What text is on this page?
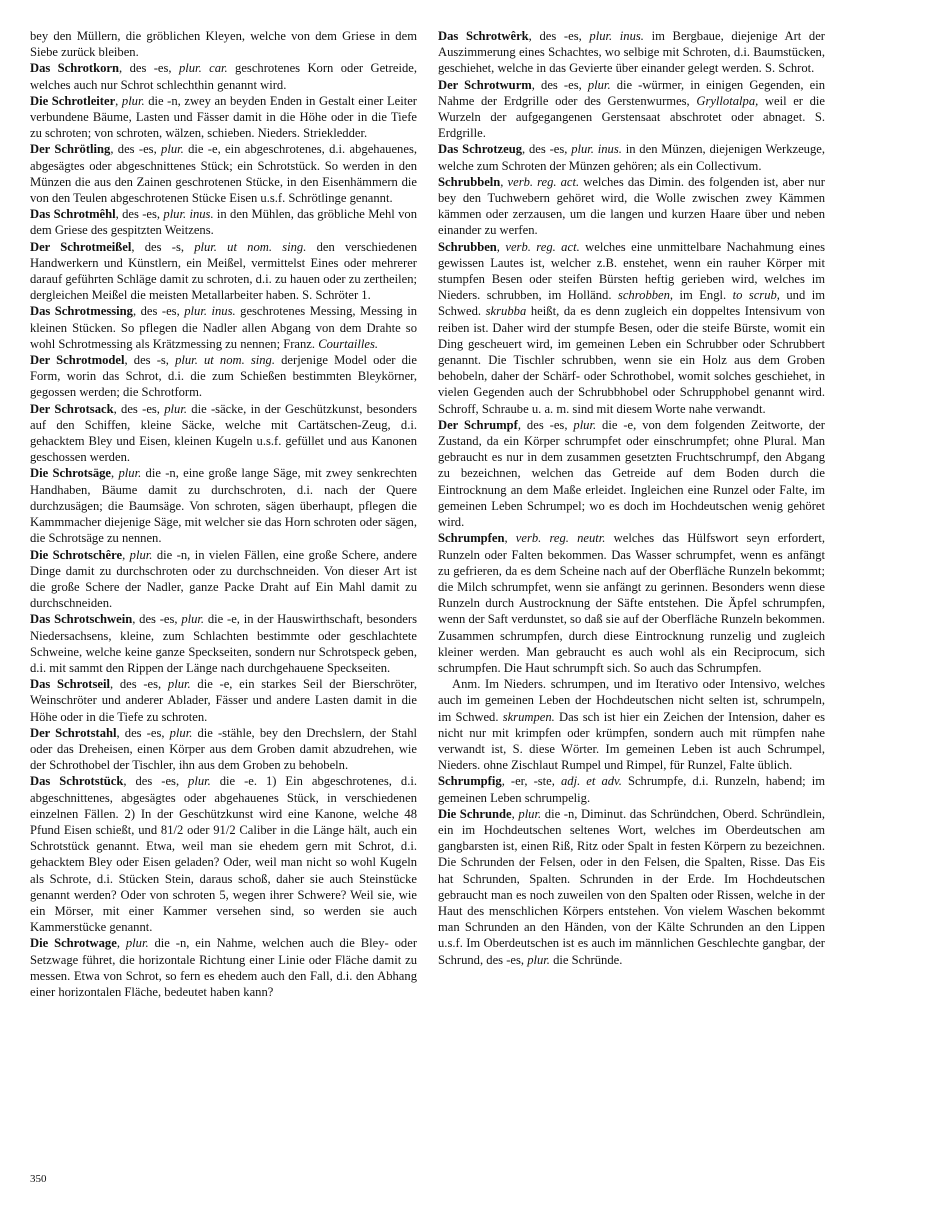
bey den Müllern, die gröblichen Kleyen, welche von dem Griese in dem Siebe zurück bleiben.

Das Schrotkorn, des -es, plur. car. geschrotenes Korn oder Getreide, welches auch nur Schrot schlechthin genannt wird.

Die Schrotleiter, plur. die -n, zwey an beyden Enden in Gestalt einer Leiter verbundene Bäume, Lasten und Fässer damit in die Höhe oder in die Tiefe zu schroten; von schroten, wälzen, schieben. Nieders. Striekledder.

Der Schrötling, des -es, plur. die -e, ein abgeschrotenes, d.i. abgehauenes, abgesägtes oder abgeschnittenes Stück; ein Schrotstück. So werden in den Münzen die aus den Zainen geschrotenen Stücke, in den Eisenhämmern die von den Teulen abgeschrotenen Stücke Eisen u.s.f. Schrötlinge genannt.

Das Schrotmêhl, des -es, plur. inus. in den Mühlen, das gröbliche Mehl von dem Griese des gespitzten Weitzens.

Der Schrotmeißel, des -s, plur. ut nom. sing. den verschiedenen Handwerkern und Künstlern, ein Meißel, vermittelst Eines oder mehrerer darauf geführten Schläge damit zu schroten, d.i. zu hauen oder zu zertheilen; dergleichen Meißel die meisten Metallarbeiter haben. S. Schröter 1.

Das Schrotmessing, des -es, plur. inus. geschrotenes Messing, Messing in kleinen Stücken. So pflegen die Nadler allen Abgang von dem Drahte so wohl Schrotmessing als Krätzmessing zu nennen; Franz. Courtailles.

Der Schrotmodel, des -s, plur. ut nom. sing. derjenige Model oder die Form, worin das Schrot, d.i. die zum Schießen bestimmten Bleykörner, gegossen werden; die Schrotform.

Der Schrotsack, des -es, plur. die -säcke, in der Geschützkunst, besonders auf den Schiffen, kleine Säcke, welche mit Cartätschen-Zeug, d.i. gehacktem Bley und Eisen, kleinen Kugeln u.s.f. gefüllet und aus Kanonen geschossen werden.

Die Schrotsäge, plur. die -n, eine große lange Säge, mit zwey senkrechten Handhaben, Bäume damit zu durchschroten, d.i. nach der Quere durchzusägen; die Baumsäge. Von schroten, sägen überhaupt, pflegen die Kammmacher diejenige Säge, mit welcher sie das Horn schroten oder sägen, die Schrotsäge zu nennen.

Die Schrotschêre, plur. die -n, in vielen Fällen, eine große Schere, andere Dinge damit zu durchschroten oder zu durchschneiden. Von dieser Art ist die große Schere der Nadler, ganze Packe Draht auf Ein Mahl damit zu durchschneiden.

Das Schrotschwein, des -es, plur. die -e, in der Hauswirthschaft, besonders Niedersachsens, kleine, zum Schlachten bestimmte oder geschlachtete Schweine, welche keine ganze Speckseiten, sondern nur Schrotspeck geben, d.i. mit sammt den Rippen der Länge nach durchgehauene Speckseiten.

Das Schrotseil, des -es, plur. die -e, ein starkes Seil der Bierschröter, Weinschröter und anderer Ablader, Fässer und andere Lasten damit in die Höhe oder in die Tiefe zu schroten.

Der Schrotstahl, des -es, plur. die -stähle, bey den Drechslern, der Stahl oder das Dreheisen, einen Körper aus dem Groben damit abzudrehen, wie der Schrothobel der Tischler, ihn aus dem Groben zu behobeln.

Das Schrotstück, des -es, plur. die -e. 1) Ein abgeschrotenes, d.i. abgeschnittenes, abgesägtes oder abgehauenes Stück, in verschiedenen einzelnen Fällen. 2) In der Geschützkunst wird eine Kanone, welche 48 Pfund Eisen schießt, und 81/2 oder 91/2 Caliber in die Länge hält, auch ein Schrotstück genannt. Etwa, weil man sie ehedem gern mit Schrot, d.i. gehacktem Bley oder Eisen geladen? Oder, weil man nicht so wohl Kugeln als Schrote, d.i. Stücken Stein, daraus schoß, daher sie auch Steinstücke genannt werden? Oder von schroten 5, wegen ihrer Schwere? Weil sie, wie ein Mörser, mit einer Kammer versehen sind, so werden sie auch Kammerstücke genannt.

Die Schrotwage, plur. die -n, ein Nahme, welchen auch die Bley- oder Setzwage führet, die horizontale Richtung einer Linie oder Fläche damit zu messen. Etwa von Schrot, so fern es ehedem auch den Fall, d.i. den Abhang einer horizontalen Fläche, bedeutet haben kann?

Das Schrotwêrk, des -es, plur. inus. im Bergbaue, diejenige Art der Auszimmerung eines Schachtes, wo selbige mit Schroten, d.i. Baumstücken, geschiehet, welche in das Gevierte über einander gelegt werden. S. Schrot.

Der Schrotwurm, des -es, plur. die -würmer, in einigen Gegenden, ein Nahme der Erdgrille oder des Gerstenwurmes, Gryllotalpa, weil er die Wurzeln der aufgegangenen Gerstensaat abschrotet oder abnaget. S. Erdgrille.

Das Schrotzeug, des -es, plur. inus. in den Münzen, diejenigen Werkzeuge, welche zum Schroten der Münzen gehören; als ein Collectivum.

Schrubbeln, verb. reg. act. welches das Dimin. des folgenden ist, aber nur bey den Tuchwebern gehöret wird, die Wolle zwischen zwey Kämmen kämmen oder zerzausen, um die langen und kurzen Haare über und neben einander zu werfen.

Schrubben, verb. reg. act. welches eine unmittelbare Nachahmung eines gewissen Lautes ist, welcher z.B. enstehet, wenn ein rauher Körper mit stumpfen Besen oder steifen Bürsten heftig gerieben wird, welches im Nieders. schrubben, im Holländ. schrobben, im Engl. to scrub, und im Schwed. skrubba heißt, da es denn zugleich ein doppeltes Intensivum von reiben ist. Daher wird der stumpfe Besen, oder die steife Bürste, womit ein Ding gescheuert wird, im gemeinen Leben ein Schrubber oder Schrubbert genannt. Die Tischler schrubben, wenn sie ein Holz aus dem Groben behobeln, daher der Schärf- oder Schrothobel, womit solches geschiehet, in vielen Gegenden auch der Schrubbhobel oder Schrupphobel genannt wird. Schroff, Schraube u. a. m. sind mit diesem Worte nahe verwandt.

Der Schrumpf, des -es, plur. die -e, von dem folgenden Zeitworte, der Zustand, da ein Körper schrumpfet oder einschrumpfet; ohne Plural. Man gebraucht es nur in dem zusammen gesetzten Fruchtschrumpf, den Abgang zu bezeichnen, welchen das Getreide auf dem Boden durch die Eintrocknung an dem Maße erleidet. Ingleichen eine Runzel oder Falte, im gemeinen Leben Schrumpel; wo es doch im Hochdeutschen wenig gehöret wird.

Schrumpfen, verb. reg. neutr. welches das Hülfswort seyn erfordert, Runzeln oder Falten bekommen. Das Wasser schrumpfet, wenn es anfängt zu gefrieren, da es dem Scheine nach auf der Oberfläche Runzeln bekommt; die Milch schrumpfet, wenn sie anfängt zu gerinnen. Besonders wenn diese Runzeln durch Austrocknung der Säfte entstehen. Die Äpfel schrumpfen, wenn der Saft verdunstet, so daß sie auf der Oberfläche Runzeln bekommen. Zusammen schrumpfen, durch diese Eintrocknung runzelig und zugleich kleiner werden. Man gebraucht es auch wohl als ein Reciprocum, sich schrumpfen. Die Haut schrumpft sich. So auch das Schrumpfen.

Anm. Im Nieders. schrumpen, und im Iterativo oder Intensivo, welches auch im gemeinen Leben der Hochdeutschen nicht selten ist, schrumpeln, im Schwed. skrumpen. Das sch ist hier ein Zeichen der Intension, daher es nicht nur mit krimpfen oder krümpfen, sondern auch mit rümpfen nahe verwandt ist, S. diese Wörter. Im gemeinen Leben ist auch Schrumpel, Nieders. ohne Zischlaut Rumpel und Rimpel, für Runzel, Falte üblich.

Schrumpfig, -er, -ste, adj. et adv. Schrumpfe, d.i. Runzeln, habend; im gemeinen Leben schrumpelig.

Die Schrunde, plur. die -n, Diminut. das Schründchen, Oberd. Schründlein, ein im Hochdeutschen seltenes Wort, welches im Oberdeutschen am gangbarsten ist, einen Riß, Ritz oder Spalt in festen Körpern zu bezeichnen. Die Schrunden der Felsen, oder in den Felsen, die Spalten, Risse. Das Eis hat Schrunden, Spalten. Schrunden in der Erde. Im Hochdeutschen gebraucht man es noch zuweilen von den Spalten oder Rissen, welche in der Haut des menschlichen Körpers entstehen. Von vielem Waschen bekommt man Schrunden an den Händen, von der Kälte Schrunden an den Lippen u.s.f. Im Oberdeutschen ist es auch im männlichen Geschlechte gangbar, der Schrund, des -es, plur. die Schründe.

350
